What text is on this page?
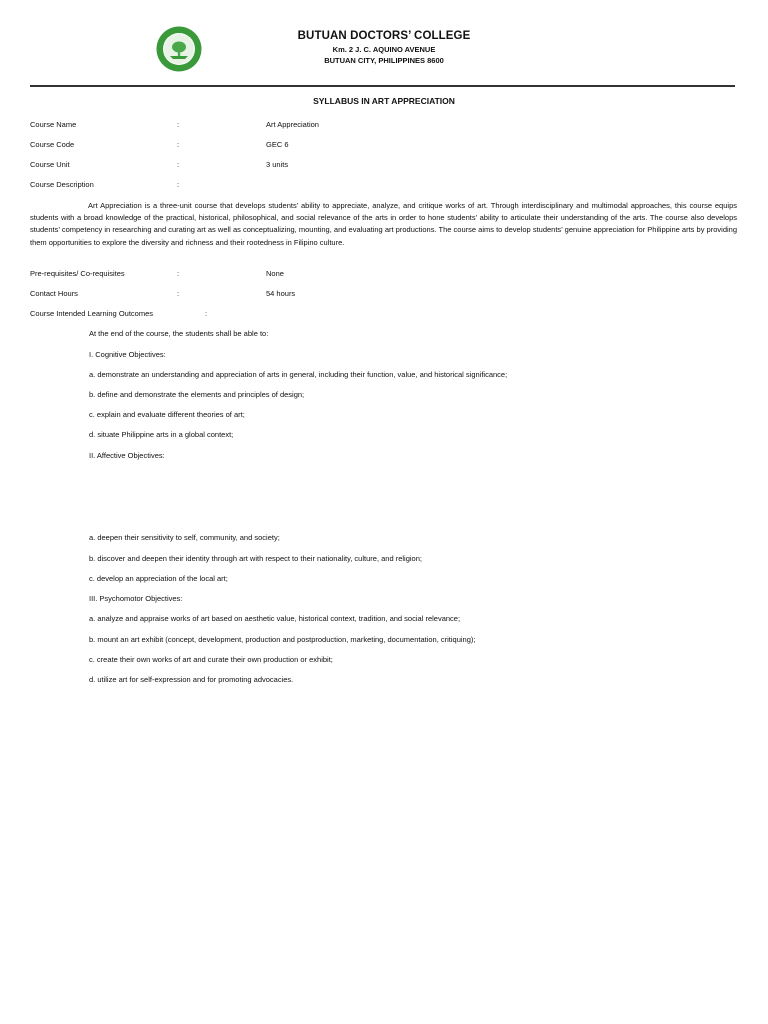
BUTUAN DOCTORS’ COLLEGE
Km. 2 J. C. AQUINO AVENUE
BUTUAN CITY, PHILIPPINES 8600
SYLLABUS IN ART APPRECIATION
Course Name	:	Art Appreciation
Course Code	:	GEC 6
Course Unit	:	3 units
Course Description	:

Art Appreciation is a three-unit course that develops students’ ability to appreciate, analyze, and critique works of art. Through interdisciplinary and multimodal approaches, this course equips students with a broad knowledge of the practical, historical, philosophical, and social relevance of the arts in order to hone students’ ability to articulate their understanding of the arts. The course also develops students’ competency in researching and curating art as well as conceptualizing, mounting, and evaluating art productions. The course aims to develop students’ genuine appreciation for Philippine arts by providing them opportunities to explore the diversity and richness and their rootedness in Filipino culture.

Pre-requisites/ Co-requisites	:	None
Contact Hours	:	54 hours
Course Intended Learning Outcomes	:
At the end of the course, the students shall be able to:
I. Cognitive Objectives:
a. demonstrate an understanding and appreciation of arts in general, including their function, value, and historical significance;
b. define and demonstrate the elements and principles of design;
c. explain and evaluate different theories of art;
d. situate Philippine arts in a global context;
II. Affective Objectives:
a. deepen their sensitivity to self, community, and society;
b. discover and deepen their identity through art with respect to their nationality, culture, and religion;
c. develop an appreciation of the local art;
III. Psychomotor Objectives:
a. analyze and appraise works of art based on aesthetic value, historical context, tradition, and social relevance;
b. mount an art exhibit (concept, development, production and postproduction, marketing, documentation, critiquing);
c. create their own works of art and curate their own production or exhibit;
d. utilize art for self-expression and for promoting advocacies.
